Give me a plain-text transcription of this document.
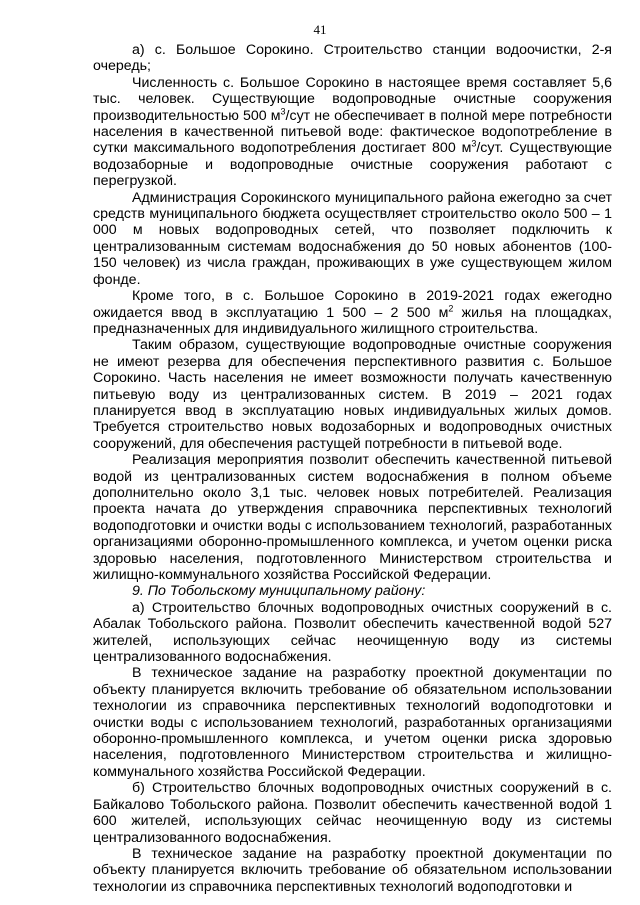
41

а) с. Большое Сорокино. Строительство станции водоочистки, 2-я очередь;

Численность с. Большое Сорокино в настоящее время составляет 5,6 тыс. человек. Существующие водопроводные очистные сооружения производительностью 500 $м^3$/сут не обеспечивает в полной мере потребности населения в качественной питьевой воде: фактическое водопотребление в сутки максимального водопотребления достигает 800 $м^3$/сут. Существующие водозаборные и водопроводные очистные сооружения работают с перегрузкой.

Администрация Сорокинского муниципального района ежегодно за счет средств муниципального бюджета осуществляет строительство около 500 – 1 000 м новых водопроводных сетей, что позволяет подключить к централизованным системам водоснабжения до 50 новых абонентов (100-150 человек) из числа граждан, проживающих в уже существующем жилом фонде.

Кроме того, в с. Большое Сорокино в 2019-2021 годах ежегодно ожидается ввод в эксплуатацию 1 500 – 2 500 $м^2$ жилья на площадках, предназначенных для индивидуального жилищного строительства.

Таким образом, существующие водопроводные очистные сооружения не имеют резерва для обеспечения перспективного развития с. Большое Сорокино. Часть населения не имеет возможности получать качественную питьевую воду из централизованных систем. В 2019 – 2021 годах планируется ввод в эксплуатацию новых индивидуальных жилых домов. Требуется строительство новых водозаборных и водопроводных очистных сооружений, для обеспечения растущей потребности в питьевой воде.

Реализация мероприятия позволит обеспечить качественной питьевой водой из централизованных систем водоснабжения в полном объеме дополнительно около 3,1 тыс. человек новых потребителей. Реализация проекта начата до утверждения справочника перспективных технологий водоподготовки и очистки воды с использованием технологий, разработанных организациями оборонно-промышленного комплекса, и учетом оценки риска здоровью населения, подготовленного Министерством строительства и жилищно-коммунального хозяйства Российской Федерации.

9. По Тобольскому муниципальному району:

а) Строительство блочных водопроводных очистных сооружений в с. Абалак Тобольского района. Позволит обеспечить качественной водой 527 жителей, использующих сейчас неочищенную воду из системы централизованного водоснабжения.

В техническое задание на разработку проектной документации по объекту планируется включить требование об обязательном использовании технологии из справочника перспективных технологий водоподготовки и очистки воды с использованием технологий, разработанных организациями оборонно-промышленного комплекса, и учетом оценки риска здоровью населения, подготовленного Министерством строительства и жилищно-коммунального хозяйства Российской Федерации.

б) Строительство блочных водопроводных очистных сооружений в с. Байкалово Тобольского района. Позволит обеспечить качественной водой 1 600 жителей, использующих сейчас неочищенную воду из системы централизованного водоснабжения.

В техническое задание на разработку проектной документации по объекту планируется включить требование об обязательном использовании технологии из справочника перспективных технологий водоподготовки и
